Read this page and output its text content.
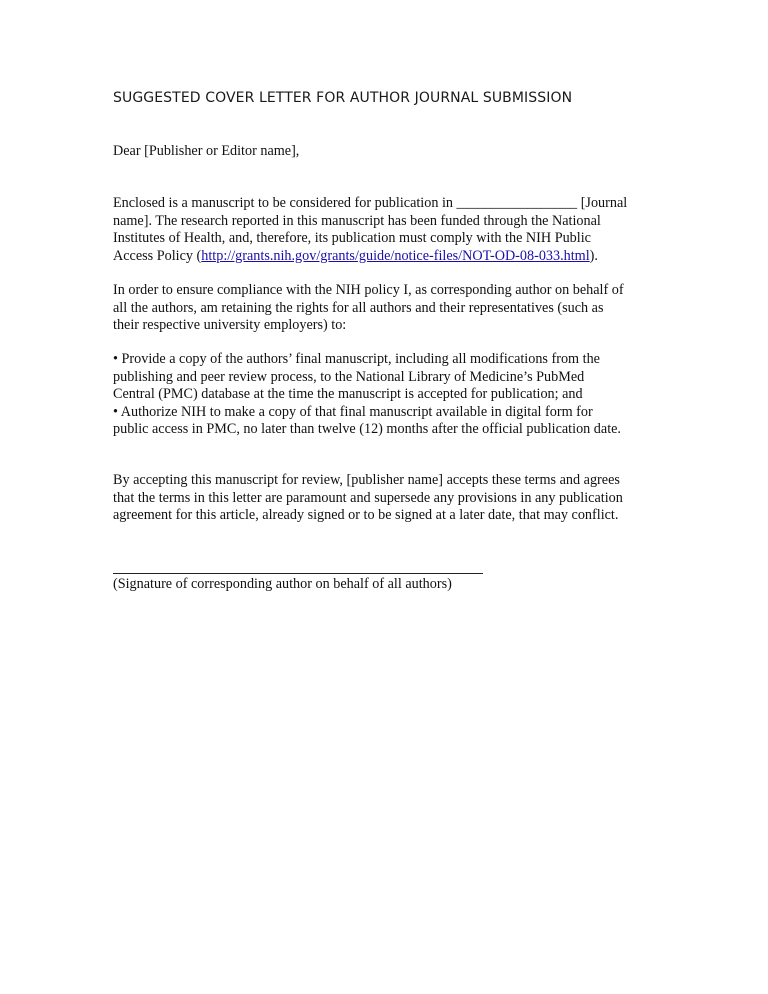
SUGGESTED COVER LETTER FOR AUTHOR JOURNAL SUBMISSION
Dear [Publisher or Editor name],
Enclosed is a manuscript to be considered for publication in _________________ [Journal
name]. The research reported in this manuscript has been funded through the National
Institutes of Health, and, therefore, its publication must comply with the NIH Public
Access Policy (http://grants.nih.gov/grants/guide/notice-files/NOT-OD-08-033.html).
In order to ensure compliance with the NIH policy I, as corresponding author on behalf of
all the authors, am retaining the rights for all authors and their representatives (such as
their respective university employers) to:
• Provide a copy of the authors’ final manuscript, including all modifications from the
publishing and peer review process, to the National Library of Medicine’s PubMed
Central (PMC) database at the time the manuscript is accepted for publication; and
• Authorize NIH to make a copy of that final manuscript available in digital form for
public access in PMC, no later than twelve (12) months after the official publication date.
By accepting this manuscript for review, [publisher name] accepts these terms and agrees
that the terms in this letter are paramount and supersede any provisions in any publication
agreement for this article, already signed or to be signed at a later date, that may conflict.
(Signature of corresponding author on behalf of all authors)
